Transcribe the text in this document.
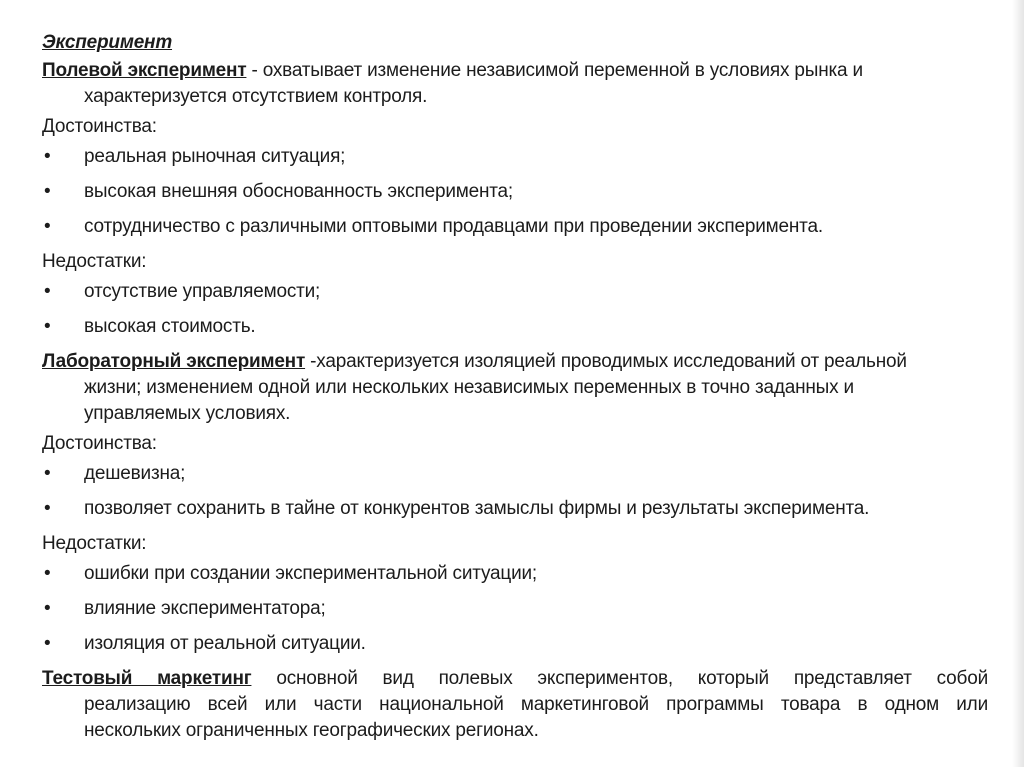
Эксперимент
Полевой эксперимент - охватывает изменение независимой переменной в условиях рынка и
характеризуется отсутствием контроля.
Достоинства:
• реальная рыночная ситуация;
• высокая внешняя обоснованность эксперимента;
• сотрудничество с различными оптовыми продавцами при проведении эксперимента.
Недостатки:
• отсутствие управляемости;
• высокая стоимость.
Лабораторный эксперимент -характеризуется изоляцией проводимых исследований от реальной
жизни; изменением одной или нескольких независимых переменных в точно заданных и
управляемых условиях.
Достоинства:
• дешевизна;
• позволяет сохранить в тайне от конкурентов замыслы фирмы и результаты эксперимента.
Недостатки:
• ошибки при создании экспериментальной ситуации;
• влияние экспериментатора;
• изоляция от реальной ситуации.
Тестовый маркетинг основной вид полевых экспериментов, который представляет собой
реализацию всей или части национальной маркетинговой программы товара в одном или
нескольких ограниченных географических регионах.
